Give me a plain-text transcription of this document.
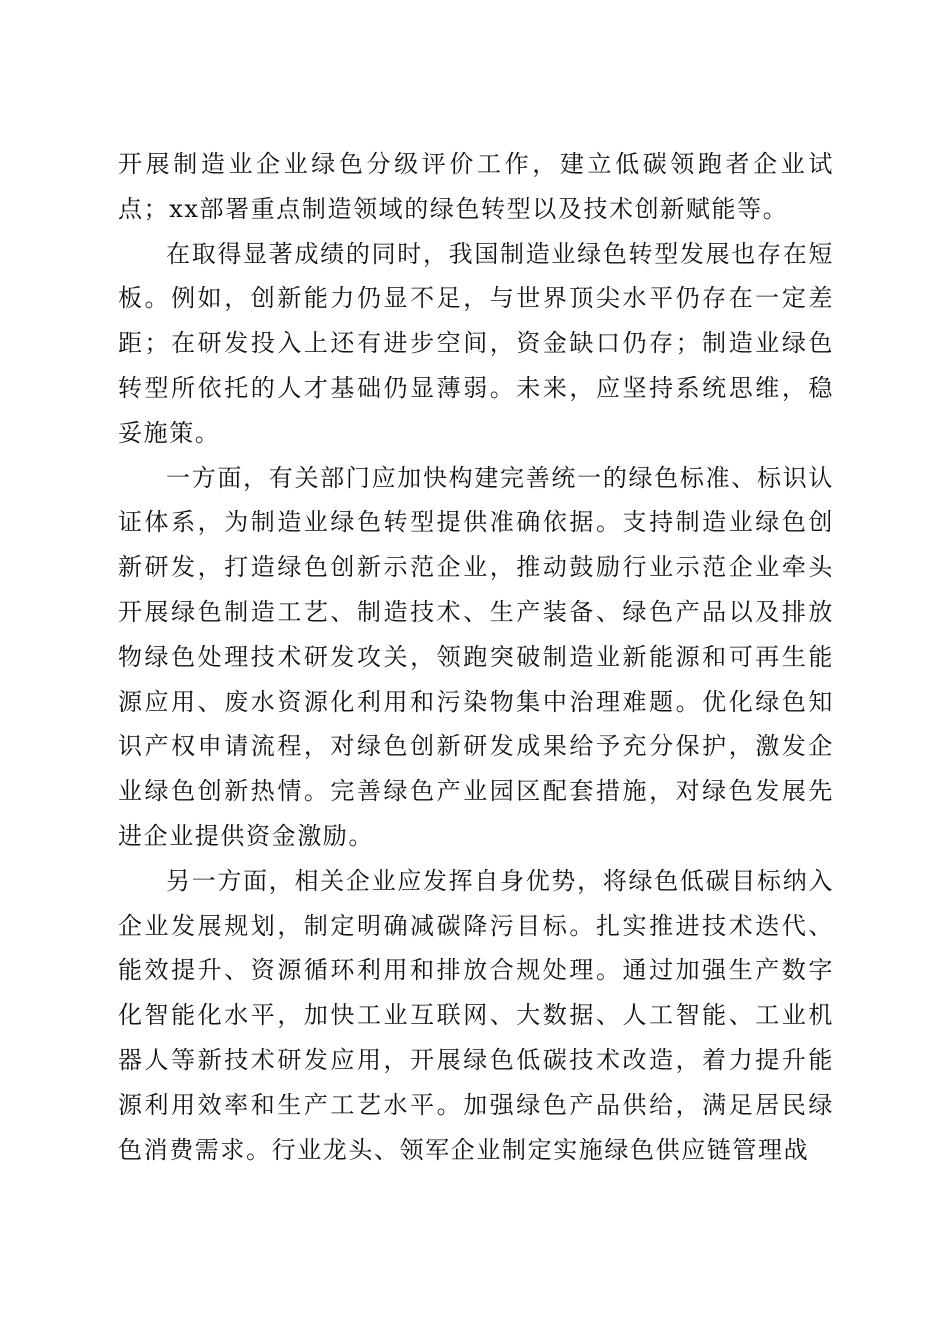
开展制造业企业绿色分级评价工作，建立低碳领跑者企业试点；xx部署重点制造领域的绿色转型以及技术创新赋能等。

在取得显著成绩的同时，我国制造业绿色转型发展也存在短板。例如，创新能力仍显不足，与世界顶尖水平仍存在一定差距；在研发投入上还有进步空间，资金缺口仍存；制造业绿色转型所依托的人才基础仍显薄弱。未来，应坚持系统思维，稳妥施策。

一方面，有关部门应加快构建完善统一的绿色标准、标识认证体系，为制造业绿色转型提供准确依据。支持制造业绿色创新研发，打造绿色创新示范企业，推动鼓励行业示范企业牵头开展绿色制造工艺、制造技术、生产装备、绿色产品以及排放物绿色处理技术研发攻关，领跑突破制造业新能源和可再生能源应用、废水资源化利用和污染物集中治理难题。优化绿色知识产权申请流程，对绿色创新研发成果给予充分保护，激发企业绿色创新热情。完善绿色产业园区配套措施，对绿色发展先进企业提供资金激励。

另一方面，相关企业应发挥自身优势，将绿色低碳目标纳入企业发展规划，制定明确减碳降污目标。扎实推进技术迭代、能效提升、资源循环利用和排放合规处理。通过加强生产数字化智能化水平，加快工业互联网、大数据、人工智能、工业机器人等新技术研发应用，开展绿色低碳技术改造，着力提升能源利用效率和生产工艺水平。加强绿色产品供给，满足居民绿色消费需求。行业龙头、领军企业制定实施绿色供应链管理战
